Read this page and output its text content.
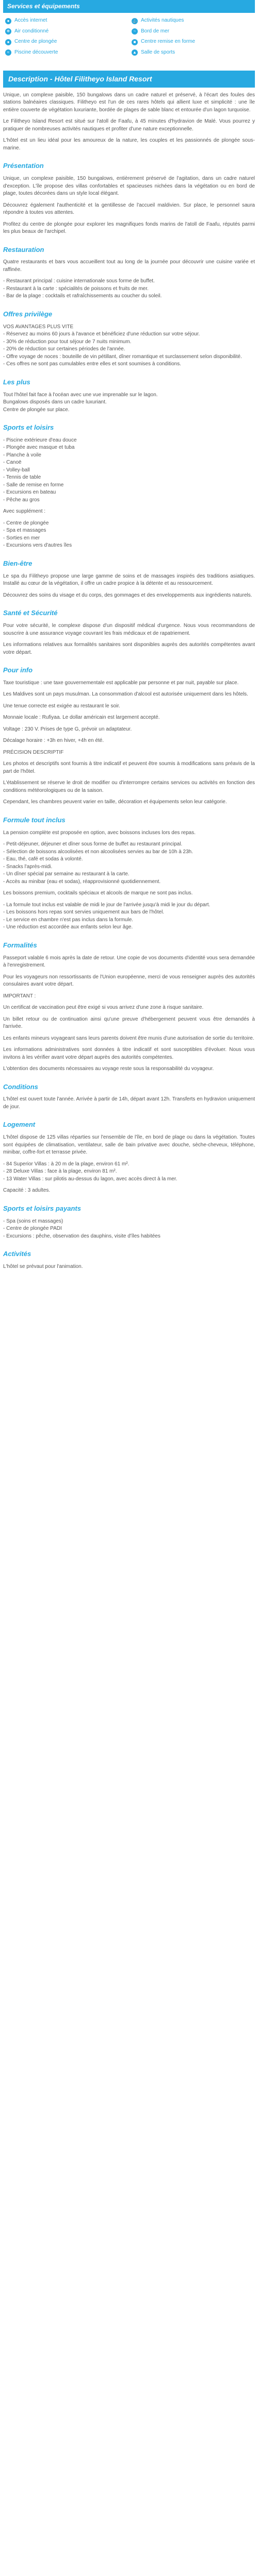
Services et équipements
● Accès internet	⚓ Activités nautiques
❄ Air conditionné	~ Bord de mer
● Centre de plongée	■ Centre remise en forme
≈ Piscine découverte	▲ Salle de sports
Description - Hôtel Filitheyo Island Resort

Unique, un complexe paisible, 150 bungalows dans un cadre naturel et préservé, à l'écart des foules des stations balnéaires classiques. Filitheyo est l'un de ces rares hôtels qui allient luxe et simplicité : une île entière couverte de végétation luxuriante, bordée de plages de sable blanc et entourée d'un lagon turquoise.

Le Filitheyo Island Resort est situé sur l'atoll de Faafu, à 45 minutes d'hydravion de Malé. Vous pourrez y pratiquer de nombreuses activités nautiques et profiter d'une nature exceptionnelle.

L'hôtel est un lieu idéal pour les amoureux de la nature, les couples et les passionnés de plongée sous-marine.

Présentation

Unique, un complexe paisible, 150 bungalows, entièrement préservé de l'agitation, dans un cadre naturel d'exception. L'île propose des villas confortables et spacieuses nichées dans la végétation ou en bord de plage, toutes décorées dans un style local élégant.

Découvrez également l'authenticité et la gentillesse de l'accueil maldivien. Sur place, le personnel saura répondre à toutes vos attentes.

Profitez du centre de plongée pour explorer les magnifiques fonds marins de l'atoll de Faafu, réputés parmi les plus beaux de l'archipel.

Restauration

Quatre restaurants et bars vous accueillent tout au long de la journée pour découvrir une cuisine variée et raffinée.

- Restaurant principal : cuisine internationale sous forme de buffet.
- Restaurant à la carte : spécialités de poissons et fruits de mer.
- Bar de la plage : cocktails et rafraîchissements au coucher du soleil.
Offres privilège
VOS AVANTAGES PLUS VITE
- Réservez au moins 60 jours à l'avance et bénéficiez d'une réduction sur votre séjour.
- 30% de réduction pour tout séjour de 7 nuits minimum.
- 20% de réduction sur certaines périodes de l'année.
- Offre voyage de noces : bouteille de vin pétillant, dîner romantique et surclassement selon disponibilité.
- Ces offres ne sont pas cumulables entre elles et sont soumises à conditions.
Les plus
Tout l'hôtel fait face à l'océan avec une vue imprenable sur le lagon.
Bungalows disposés dans un cadre luxuriant.
Centre de plongée sur place.
Sports et loisirs
- Piscine extérieure d'eau douce
- Plongée avec masque et tuba
- Planche à voile
- Canoë
- Volley-ball
- Tennis de table
- Salle de remise en forme
- Excursions en bateau
- Pêche au gros

Avec supplément :

- Centre de plongée
- Spa et massages
- Sorties en mer
- Excursions vers d'autres îles
Bien-être

Le spa du Filitheyo propose une large gamme de soins et de massages inspirés des traditions asiatiques. Installé au cœur de la végétation, il offre un cadre propice à la détente et au ressourcement.

Découvrez des soins du visage et du corps, des gommages et des enveloppements aux ingrédients naturels.

Santé et Sécurité

Pour votre sécurité, le complexe dispose d'un dispositif médical d'urgence. Nous vous recommandons de souscrire à une assurance voyage couvrant les frais médicaux et de rapatriement.

Les informations relatives aux formalités sanitaires sont disponibles auprès des autorités compétentes avant votre départ.

Pour info

Taxe touristique : une taxe gouvernementale est applicable par personne et par nuit, payable sur place.

Les Maldives sont un pays musulman. La consommation d'alcool est autorisée uniquement dans les hôtels.

Une tenue correcte est exigée au restaurant le soir.

Monnaie locale : Rufiyaa. Le dollar américain est largement accepté.

Voltage : 230 V. Prises de type G, prévoir un adaptateur.

Décalage horaire : +3h en hiver, +4h en été.

PRÉCISION DESCRIPTIF

Les photos et descriptifs sont fournis à titre indicatif et peuvent être soumis à modifications sans préavis de la part de l'hôtel.

L'établissement se réserve le droit de modifier ou d'interrompre certains services ou activités en fonction des conditions météorologiques ou de la saison.

Cependant, les chambres peuvent varier en taille, décoration et équipements selon leur catégorie.

Formule tout inclus

La pension complète est proposée en option, avec boissons incluses lors des repas.

- Petit-déjeuner, déjeuner et dîner sous forme de buffet au restaurant principal.
- Sélection de boissons alcoolisées et non alcoolisées servies au bar de 10h à 23h.
- Eau, thé, café et sodas à volonté.
- Snacks l'après-midi.
- Un dîner spécial par semaine au restaurant à la carte.
- Accès au minibar (eau et sodas), réapprovisionné quotidiennement.

Les boissons premium, cocktails spéciaux et alcools de marque ne sont pas inclus.

- La formule tout inclus est valable de midi le jour de l'arrivée jusqu'à midi le jour du départ.
- Les boissons hors repas sont servies uniquement aux bars de l'hôtel.
- Le service en chambre n'est pas inclus dans la formule.
- Une réduction est accordée aux enfants selon leur âge.
Formalités

Passeport valable 6 mois après la date de retour. Une copie de vos documents d'identité vous sera demandée à l'enregistrement.

Pour les voyageurs non ressortissants de l'Union européenne, merci de vous renseigner auprès des autorités consulaires avant votre départ.

IMPORTANT :

Un certificat de vaccination peut être exigé si vous arrivez d'une zone à risque sanitaire.

Un billet retour ou de continuation ainsi qu'une preuve d'hébergement peuvent vous être demandés à l'arrivée.

Les enfants mineurs voyageant sans leurs parents doivent être munis d'une autorisation de sortie du territoire.

Les informations administratives sont données à titre indicatif et sont susceptibles d'évoluer. Nous vous invitons à les vérifier avant votre départ auprès des autorités compétentes.

L'obtention des documents nécessaires au voyage reste sous la responsabilité du voyageur.

Conditions

L'hôtel est ouvert toute l'année. Arrivée à partir de 14h, départ avant 12h. Transferts en hydravion uniquement de jour.

Logement

L'hôtel dispose de 125 villas réparties sur l'ensemble de l'île, en bord de plage ou dans la végétation. Toutes sont équipées de climatisation, ventilateur, salle de bain privative avec douche, sèche-cheveux, téléphone, minibar, coffre-fort et terrasse privée.

- 84 Superior Villas : à 20 m de la plage, environ 61 m².
- 28 Deluxe Villas : face à la plage, environ 81 m².
- 13 Water Villas : sur pilotis au-dessus du lagon, avec accès direct à la mer.

Capacité : 3 adultes.

Sports et loisirs payants
- Spa (soins et massages)
- Centre de plongée PADI
- Excursions : pêche, observation des dauphins, visite d'îles habitées
Activités

L'hôtel se prévaut pour l'animation.
